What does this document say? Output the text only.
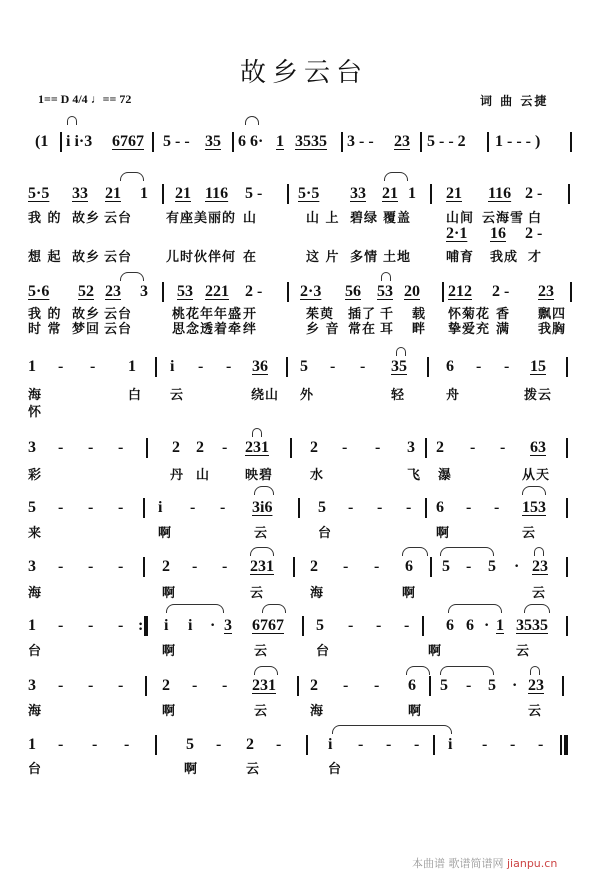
故乡云台
1== D 4/4 ♩== 72	词 曲 云捷
(1 i i·3 6767 5 - - 35 6 6· 1 3535 3 - - 23 5 - - 2 1 - - - )
5·5 33 21 1 21 116 5 - 5·5 33 21 1 21 116 2 -
我 的 故乡 云台	有座美丽的 山	山 上 碧绿 覆盖	山间 云海雪 白
2·1 16 2 -
想 起 故乡 云台	儿时伙伴何 在	这 片 多情 土地	哺育 我成 才
5·6 52 23 3 53 221 2 - 2·3 56 53 20 212 2 - 23
我 的 故乡 云台	桃花年年盛 开	茱萸 插了 千 载 怀菊花 香 飘四
时 常 梦回 云台	思念透着牵 绊	乡 音 常在 耳 畔 挚爱充 满 我胸
1 - - 1 i - - 36 5 - - 35 6 - - 15
海	白 云	绕山 外	轻	舟	拨云
怀
3 - - -	2 2 - 231	2 - - 3 2 - - 63
彩	丹 山	映碧	水	飞 瀑	从天
5 - - - i - - 3i6	5 - - - 6 - - 153
来	啊	云	台	啊	云
3 - - - 2 - - 231 2 - - 6 5 - 5 · 23
海	啊	云	海	啊	云
1 - - - : i i · 3 6767 5 - - - 6 6 · 1 3535
台	啊	云	台	啊	云
3 - - - 2 - - 231 2 - - 6 5 - 5 · 23
海	啊	云	海	啊	云
1 - - -	5 - 2 -	i - - - i - - -
台	啊	云	台
本曲谱 歌谱简谱网 jianpu.cn
